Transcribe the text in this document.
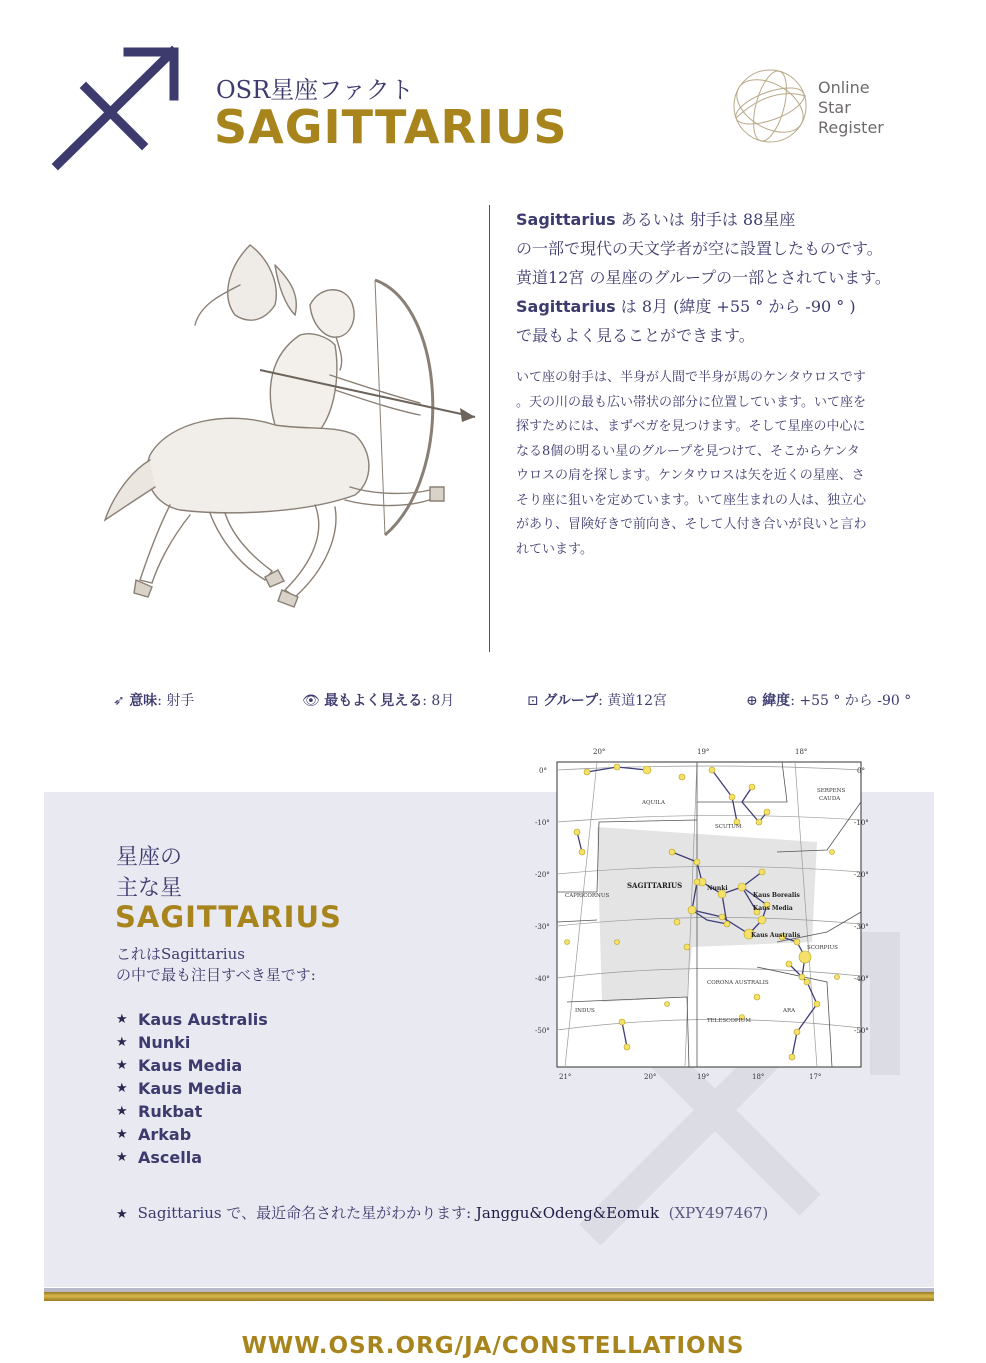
OSR星座ファクト
SAGITTARIUS
Online
Star
Register

Sagittarius あるいは 射手は 88星座

の一部で現代の天文学者が空に設置したものです。

黄道12宮 の星座のグループの一部とされています。

Sagittarius は 8月 (緯度 +55 ° から -90 ° )

で最もよく見ることができます。

いて座の射手は、半身が人間で半身が馬のケンタウロスです
。天の川の最も広い帯状の部分に位置しています。いて座を
探すためには、まずベガを見つけます。そして星座の中心に
なる8個の明るい星のグループを見つけて、そこからケンタ
ウロスの肩を探します。ケンタウロスは矢を近くの星座、さ
そり座に狙いを定めています。いて座生まれの人は、独立心
があり、冒険好きで前向き、そして人付き合いが良いと言わ
れています。
➶ 意味: 射手	👁 最もよく見える: 8月	⊡ グループ: 黄道12宮	⊕ 緯度: +55 ° から -90 °
星座の
主な星
SAGITTARIUS
これはSagittarius
の中で最も注目すべき星です:
★ Kaus Australis
★ Nunki
★ Kaus Media
★ Kaus Media
★ Rukbat
★ Arkab
★ Ascella
★ Sagittarius で、最近命名された星がわかります: Janggu&Odeng&Eomuk (XPY497467)
20°	19°	18°
21°	20°	19°	18°	17°
0°
-10°
-20°
-30°
-40°
-50°
0°
-10°
-20°
-30°
-40°
-50°
AQUILA
SERPENS
CAUDA
SCUTUM
CAPRICORNUS
SCORPIUS
CORONA AUSTRALIS
INDUS	ARA
TELESCOPIUM
SAGITTARIUS	Nunki
Kaus Borealis
Kaus Media
Kaus Australis
WWW.OSR.ORG/JA/CONSTELLATIONS
